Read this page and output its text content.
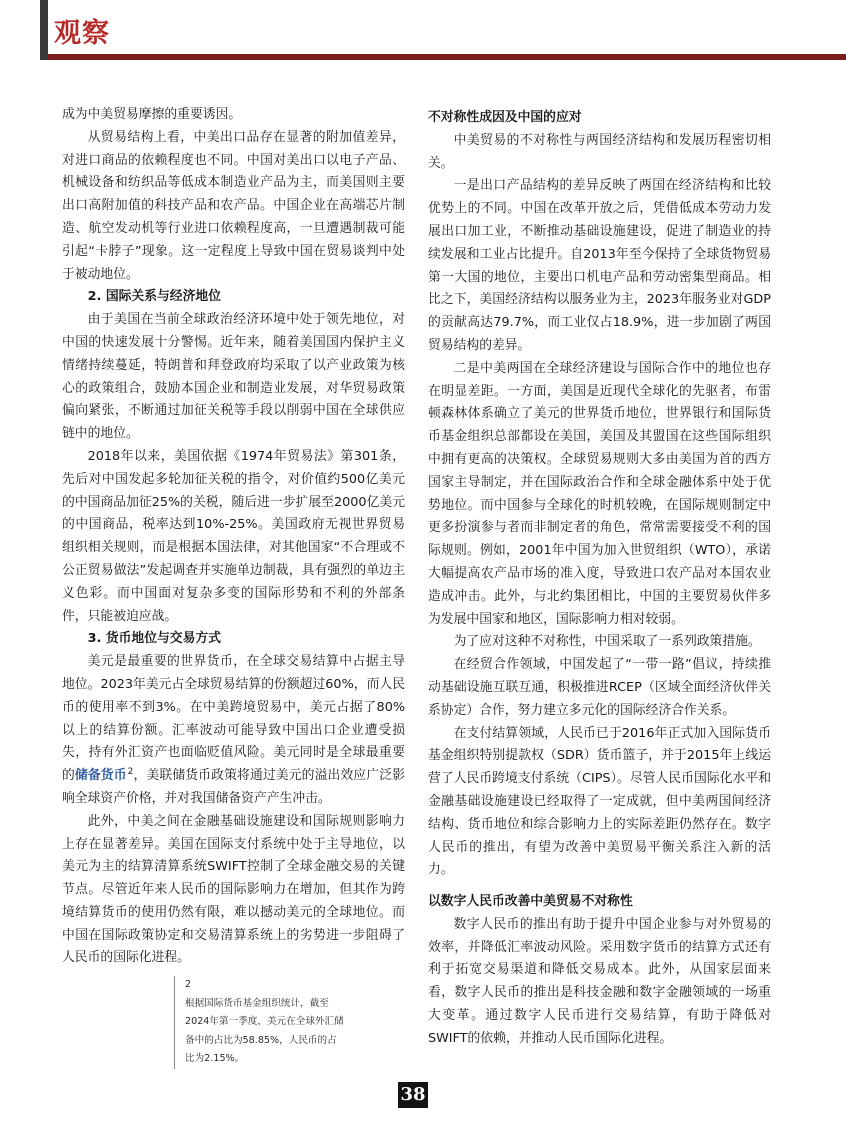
观察

成为中美贸易摩擦的重要诱因。

从贸易结构上看，中美出口品存在显著的附加值差异，对进口商品的依赖程度也不同。中国对美出口以电子产品、机械设备和纺织品等低成本制造业产品为主，而美国则主要出口高附加值的科技产品和农产品。中国企业在高端芯片制造、航空发动机等行业进口依赖程度高，一旦遭遇制裁可能引起“卡脖子”现象。这一定程度上导致中国在贸易谈判中处于被动地位。

2. 国际关系与经济地位

由于美国在当前全球政治经济环境中处于领先地位，对中国的快速发展十分警惕。近年来，随着美国国内保护主义情绪持续蔓延，特朗普和拜登政府均采取了以产业政策为核心的政策组合，鼓励本国企业和制造业发展，对华贸易政策偏向紧张，不断通过加征关税等手段以削弱中国在全球供应链中的地位。

2018年以来，美国依据《1974年贸易法》第301条，先后对中国发起多轮加征关税的指令，对价值约500亿美元的中国商品加征25%的关税，随后进一步扩展至2000亿美元的中国商品，税率达到10%-25%。美国政府无视世界贸易组织相关规则，而是根据本国法律，对其他国家“不合理或不公正贸易做法”发起调查并实施单边制裁，具有强烈的单边主义色彩。而中国面对复杂多变的国际形势和不利的外部条件，只能被迫应战。

3. 货币地位与交易方式

美元是最重要的世界货币，在全球交易结算中占据主导地位。2023年美元占全球贸易结算的份额超过60%，而人民币的使用率不到3%。在中美跨境贸易中，美元占据了80%以上的结算份额。汇率波动可能导致中国出口企业遭受损失，持有外汇资产也面临贬值风险。美元同时是全球最重要的储备货币$^2$，美联储货币政策将通过美元的溢出效应广泛影响全球资产价格，并对我国储备资产产生冲击。

此外，中美之间在金融基础设施建设和国际规则影响力上存在显著差异。美国在国际支付系统中处于主导地位，以美元为主的结算清算系统SWIFT控制了全球金融交易的关键节点。尽管近年来人民币的国际影响力在增加，但其作为跨境结算货币的使用仍然有限，难以撼动美元的全球地位。而中国在国际政策协定和交易清算系统上的劣势进一步阻碍了人民币的国际化进程。

不对称性成因及中国的应对

中美贸易的不对称性与两国经济结构和发展历程密切相关。

一是出口产品结构的差异反映了两国在经济结构和比较优势上的不同。中国在改革开放之后，凭借低成本劳动力发展出口加工业，不断推动基础设施建设，促进了制造业的持续发展和工业占比提升。自2013年至今保持了全球货物贸易第一大国的地位，主要出口机电产品和劳动密集型商品。相比之下，美国经济结构以服务业为主，2023年服务业对GDP的贡献高达79.7%，而工业仅占18.9%，进一步加剧了两国贸易结构的差异。

二是中美两国在全球经济建设与国际合作中的地位也存在明显差距。一方面，美国是近现代全球化的先驱者，布雷顿森林体系确立了美元的世界货币地位，世界银行和国际货币基金组织总部都设在美国，美国及其盟国在这些国际组织中拥有更高的决策权。全球贸易规则大多由美国为首的西方国家主导制定，并在国际政治合作和全球金融体系中处于优势地位。而中国参与全球化的时机较晚，在国际规则制定中更多扮演参与者而非制定者的角色，常常需要接受不利的国际规则。例如，2001年中国为加入世贸组织（WTO），承诺大幅提高农产品市场的准入度，导致进口农产品对本国农业造成冲击。此外，与北约集团相比，中国的主要贸易伙伴多为发展中国家和地区，国际影响力相对较弱。

为了应对这种不对称性，中国采取了一系列政策措施。

在经贸合作领域，中国发起了“一带一路”倡议，持续推动基础设施互联互通，积极推进RCEP（区域全面经济伙伴关系协定）合作，努力建立多元化的国际经济合作关系。

在支付结算领域，人民币已于2016年正式加入国际货币基金组织特别提款权（SDR）货币篮子，并于2015年上线运营了人民币跨境支付系统（CIPS）。尽管人民币国际化水平和金融基础设施建设已经取得了一定成就，但中美两国间经济结构、货币地位和综合影响力上的实际差距仍然存在。数字人民币的推出，有望为改善中美贸易平衡关系注入新的活力。

以数字人民币改善中美贸易不对称性

数字人民币的推出有助于提升中国企业参与对外贸易的效率，并降低汇率波动风险。采用数字货币的结算方式还有利于拓宽交易渠道和降低交易成本。此外，从国家层面来看，数字人民币的推出是科技金融和数字金融领域的一场重大变革。通过数字人民币进行交易结算，有助于降低对SWIFT的依赖，并推动人民币国际化进程。

2
根据国际货币基金组织统计，截至2024年第一季度，美元在全球外汇储备中的占比为58.85%，人民币的占比为2.15%。
38
